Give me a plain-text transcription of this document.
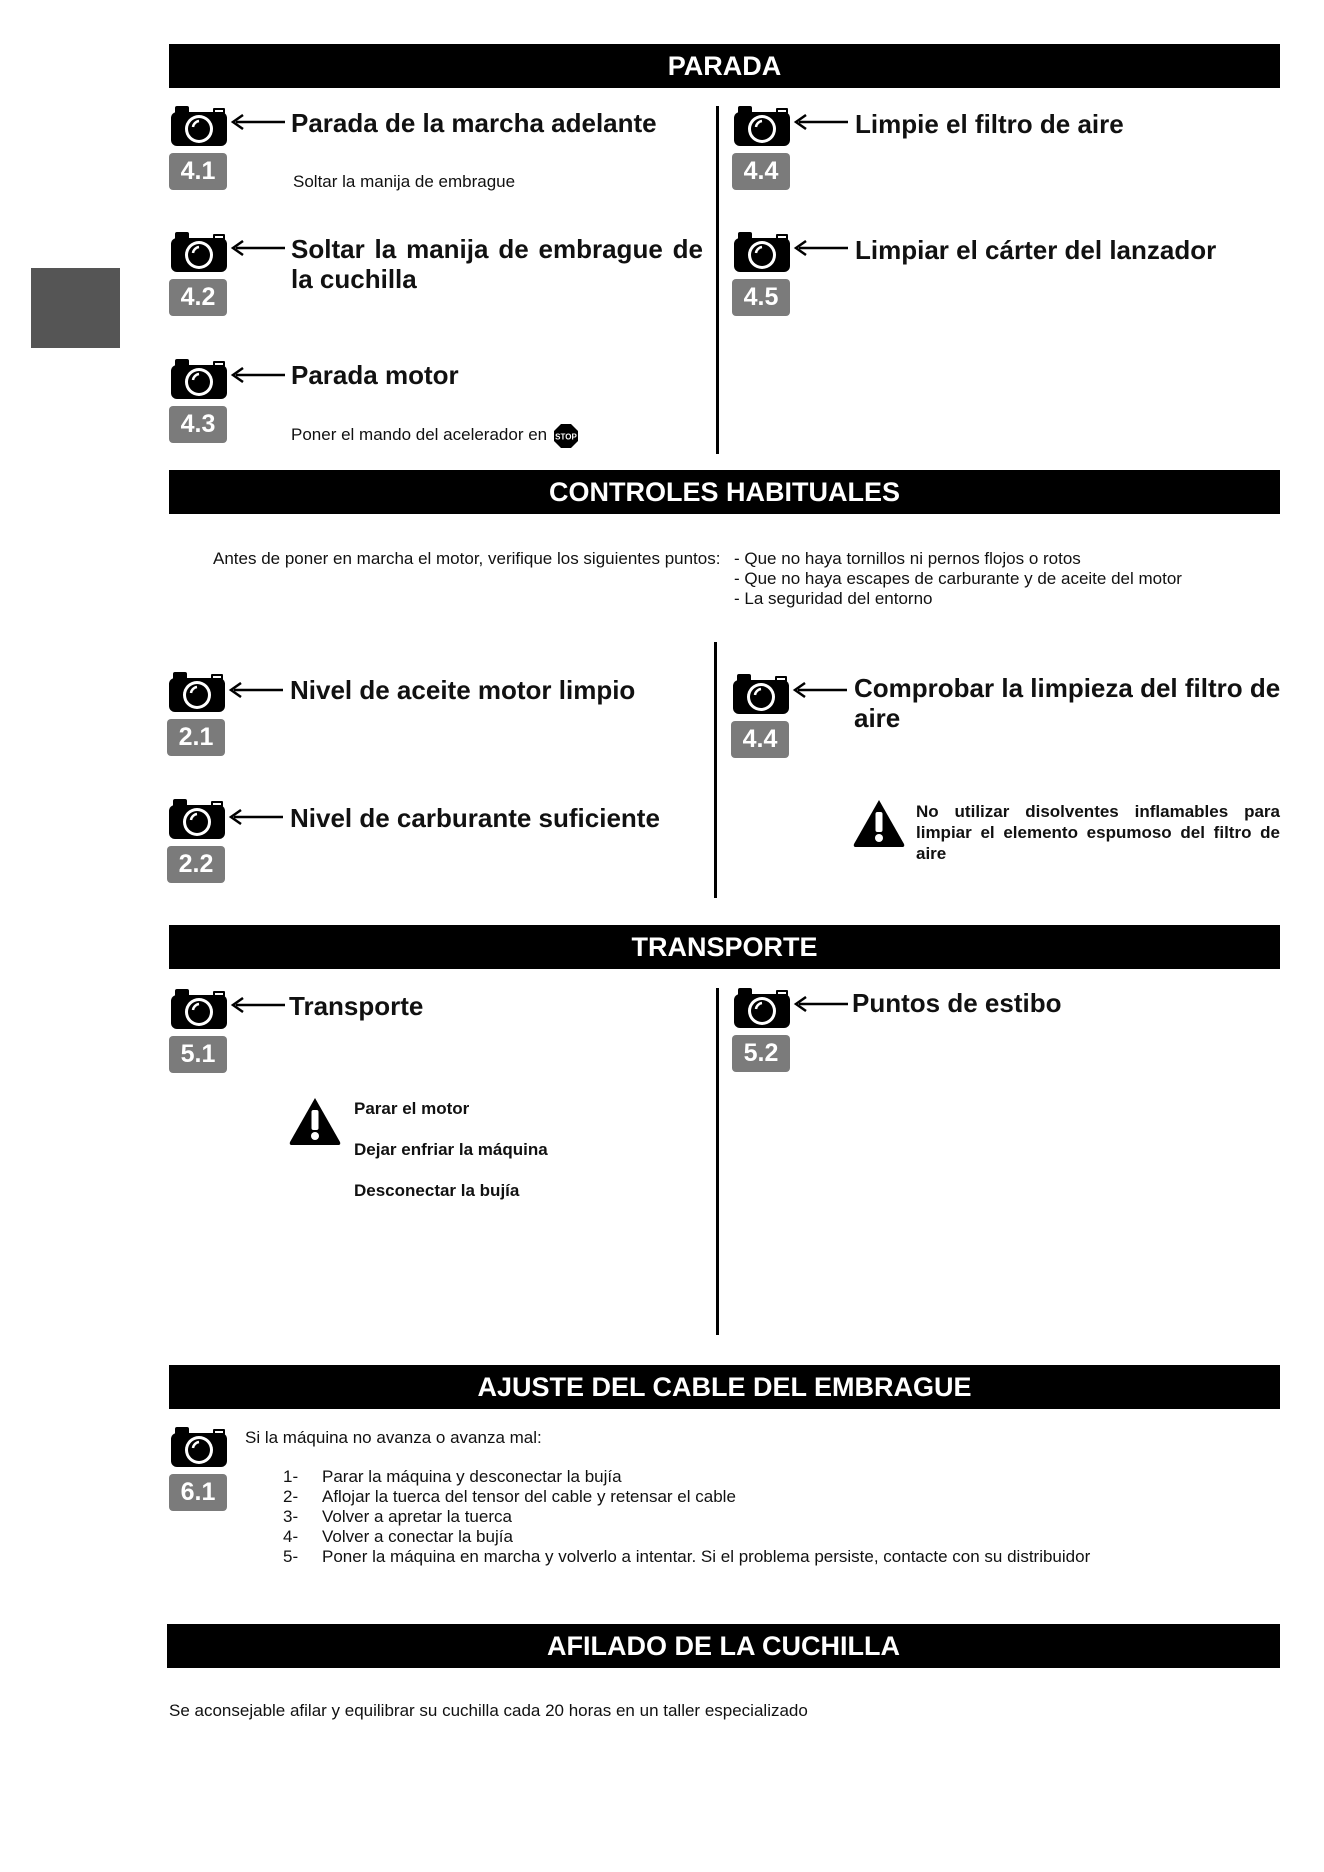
PARADA
4.1
Parada de la marcha adelante
Soltar la manija de embrague
4.2
Soltar la manija de embrague de la cuchilla
4.3
Parada motor
Poner el mando del acelerador en STOP
4.4
Limpie el filtro de aire
4.5
Limpiar el cárter del lanzador
CONTROLES HABITUALES
Antes de poner en marcha el motor, verifique los siguientes puntos: - Que no haya tornillos ni pernos flojos o rotos
- Que no haya escapes de carburante y de aceite del motor
- La seguridad del entorno
2.1
Nivel de aceite motor limpio
2.2
Nivel de carburante suficiente
4.4
Comprobar la limpieza del filtro de aire
No utilizar disolventes inflamables para limpiar el elemento espumoso del filtro de aire
TRANSPORTE
5.1
Transporte
Parar el motor
Dejar enfriar la máquina
Desconectar la bujía
5.2
Puntos de estibo
AJUSTE DEL CABLE DEL EMBRAGUE
6.1
Si la máquina no avanza o avanza mal:
1- Parar la máquina y desconectar la bujía
2- Aflojar la tuerca del tensor del cable y retensar el cable
3- Volver a apretar la tuerca
4- Volver a conectar la bujía
5- Poner la máquina en marcha y volverlo a intentar. Si el problema persiste, contacte con su distribuidor
AFILADO DE LA CUCHILLA
Se aconsejable afilar y equilibrar su cuchilla cada 20 horas en un taller especializado
